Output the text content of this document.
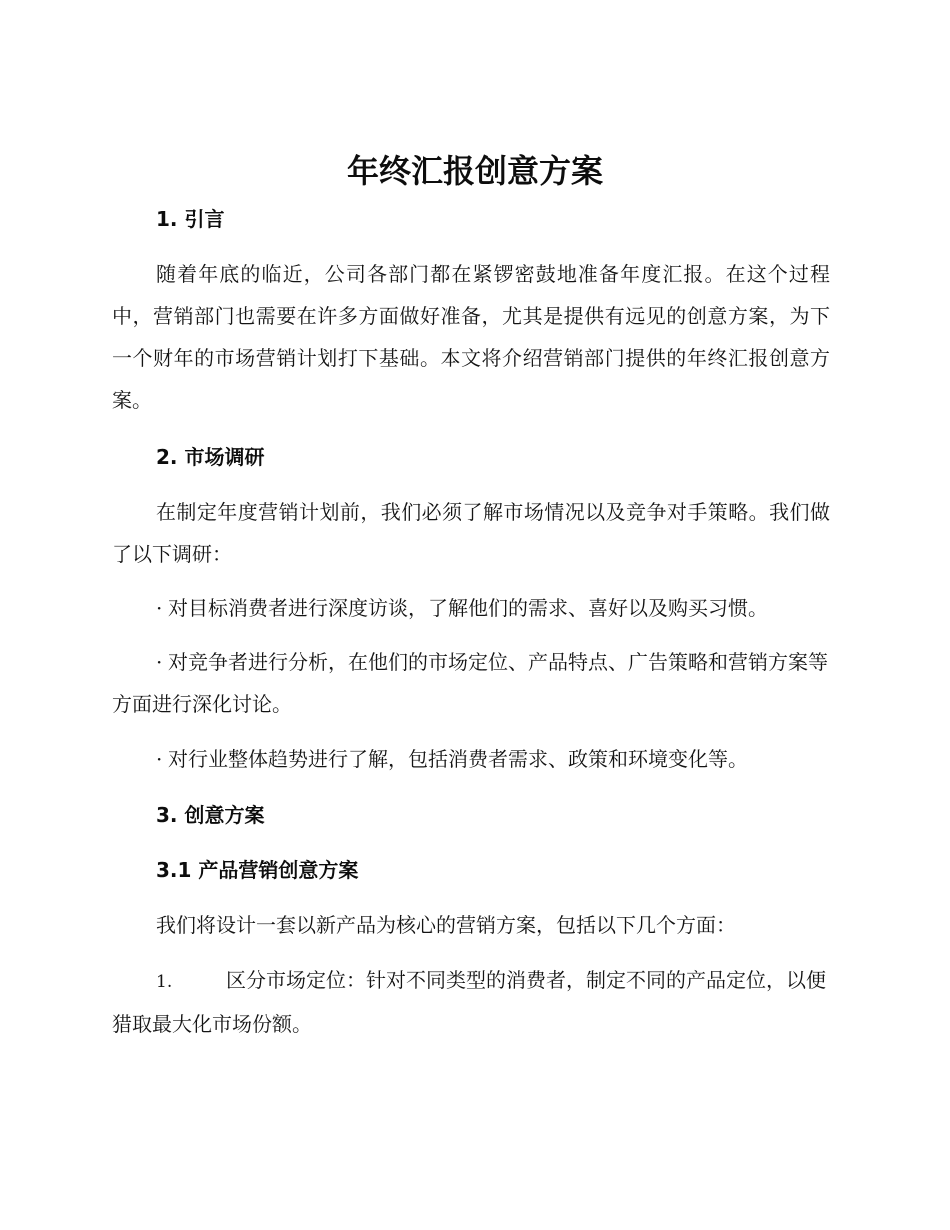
年终汇报创意方案
1. 引言

随着年底的临近，公司各部门都在紧锣密鼓地准备年度汇报。在这个过程中，营销部门也需要在许多方面做好准备，尤其是提供有远见的创意方案，为下一个财年的市场营销计划打下基础。本文将介绍营销部门提供的年终汇报创意方案。

2. 市场调研

在制定年度营销计划前，我们必须了解市场情况以及竞争对手策略。我们做了以下调研：

· 对目标消费者进行深度访谈，了解他们的需求、喜好以及购买习惯。

· 对竞争者进行分析，在他们的市场定位、产品特点、广告策略和营销方案等方面进行深化讨论。

· 对行业整体趋势进行了解，包括消费者需求、政策和环境变化等。

3. 创意方案
3.1 产品营销创意方案

我们将设计一套以新产品为核心的营销方案，包括以下几个方面：

1.	区分市场定位：针对不同类型的消费者，制定不同的产品定位，以便猎取最大化市场份额。
